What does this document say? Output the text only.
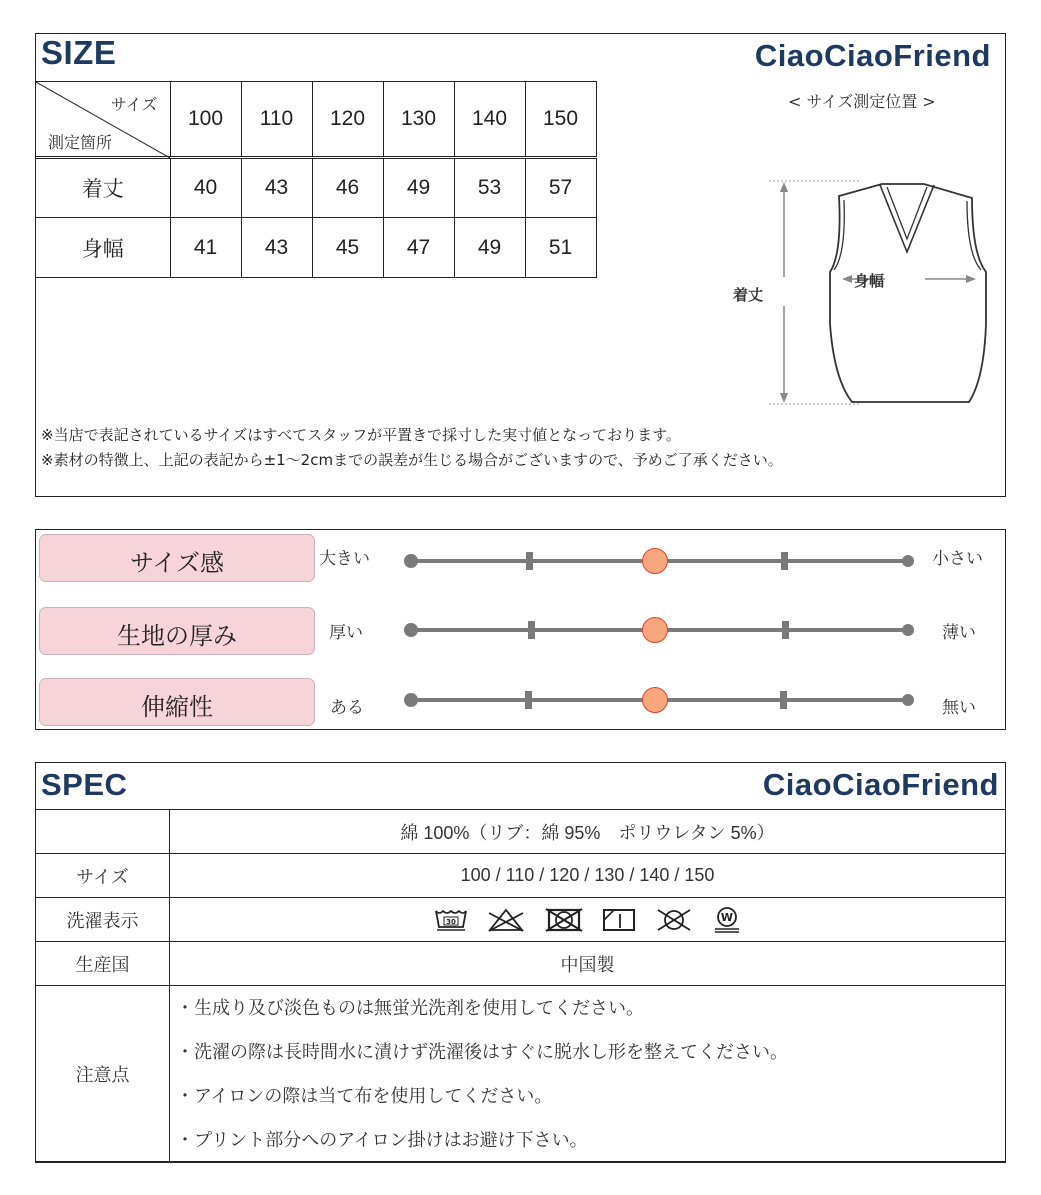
SIZE	CiaoCiaoFriend
サイズ
測定箇所	100	110	120	130	140	150
着丈	40	43	46	49	53	57
身幅	41	43	45	47	49	51
< サイズ測定位置 >
身幅
着丈
※当店で表記されているサイズはすべてスタッフが平置きで採寸した実寸値となっております。
※素材の特徴上、上記の表記から±1～2cmまでの誤差が生じる場合がございますので、予めご了承ください。
サイズ感	大きい	小さい
生地の厚み	厚い	薄い
伸縮性	ある	無い
SPEC	CiaoCiaoFriend
	綿 100%（リブ：綿 95%　ポリウレタン 5%）
サイズ	100 / 110 / 120 / 130 / 140 / 150
洗濯表示	30 W

生産国	中国製
注意点	・生成り及び淡色ものは無蛍光洗剤を使用してください。
・洗濯の際は長時間水に漬けず洗濯後はすぐに脱水し形を整えてください。
・アイロンの際は当て布を使用してください。
・プリント部分へのアイロン掛けはお避け下さい。
